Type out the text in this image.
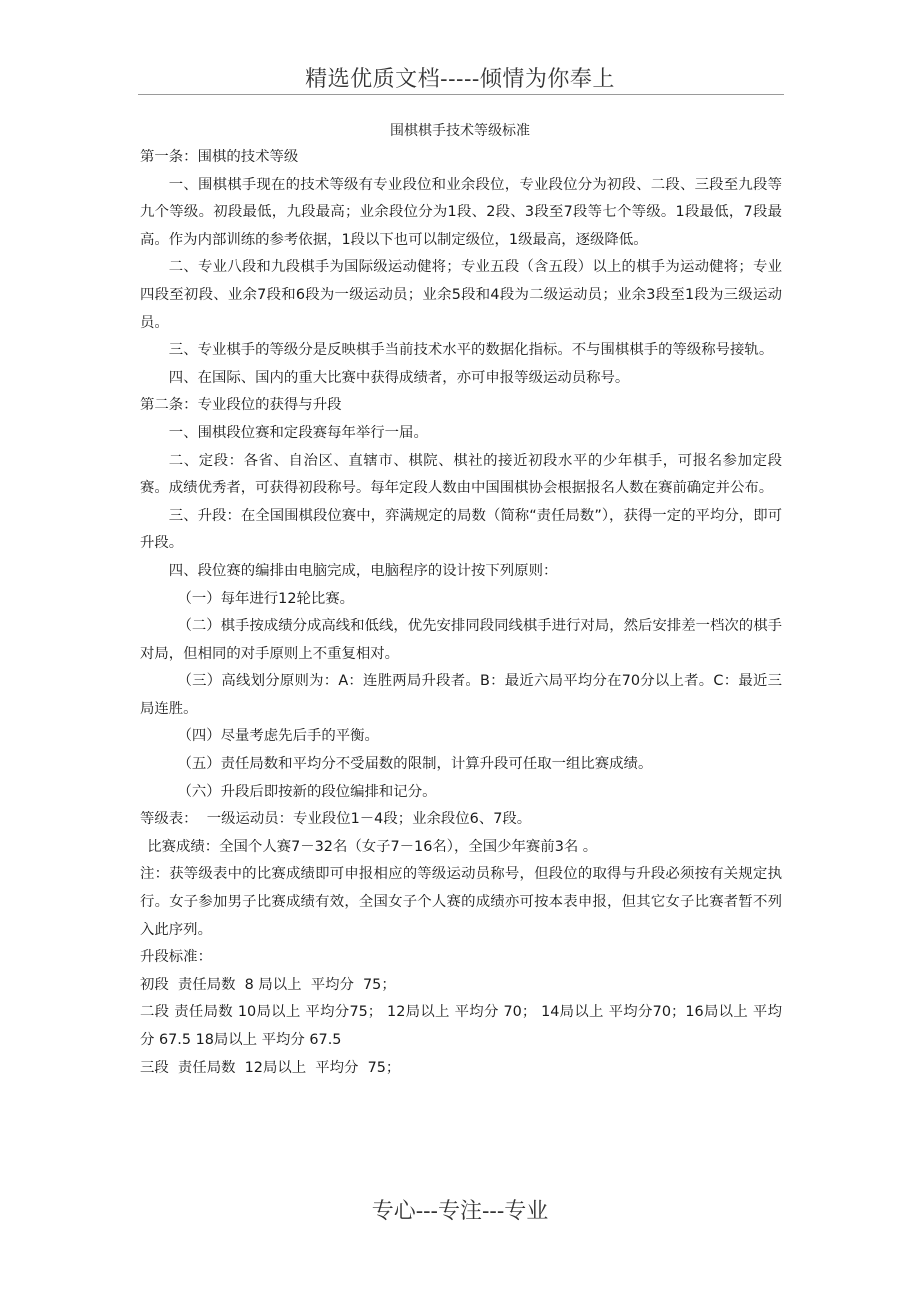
精选优质文档-----倾情为你奉上
围棋棋手技术等级标准

第一条：围棋的技术等级

一、围棋棋手现在的技术等级有专业段位和业余段位，专业段位分为初段、二段、三段至九段等九个等级。初段最低，九段最高；业余段位分为1段、2段、3段至7段等七个等级。1段最低，7段最高。作为内部训练的参考依据，1段以下也可以制定级位，1级最高，逐级降低。

二、专业八段和九段棋手为国际级运动健将；专业五段（含五段）以上的棋手为运动健将；专业四段至初段、业余7段和6段为一级运动员；业余5段和4段为二级运动员；业余3段至1段为三级运动员。

三、专业棋手的等级分是反映棋手当前技术水平的数据化指标。不与围棋棋手的等级称号接轨。

四、在国际、国内的重大比赛中获得成绩者，亦可申报等级运动员称号。

第二条：专业段位的获得与升段

一、围棋段位赛和定段赛每年举行一届。

二、定段：各省、自治区、直辖市、棋院、棋社的接近初段水平的少年棋手，可报名参加定段赛。成绩优秀者，可获得初段称号。每年定段人数由中国围棋协会根据报名人数在赛前确定并公布。

三、升段：在全国围棋段位赛中，弈满规定的局数（简称“责任局数”），获得一定的平均分，即可升段。

四、段位赛的编排由电脑完成，电脑程序的设计按下列原则：

（一）每年进行12轮比赛。

（二）棋手按成绩分成高线和低线，优先安排同段同线棋手进行对局，然后安排差一档次的棋手对局，但相同的对手原则上不重复相对。

（三）高线划分原则为：A：连胜两局升段者。B：最近六局平均分在70分以上者。C：最近三局连胜。

（四）尽量考虑先后手的平衡。

（五）责任局数和平均分不受届数的限制，计算升段可任取一组比赛成绩。

（六）升段后即按新的段位编排和记分。

等级表：  一级运动员：专业段位1－4段；业余段位6、7段。

比赛成绩：全国个人赛7－32名（女子7－16名），全国少年赛前3名 。

注：获等级表中的比赛成绩即可申报相应的等级运动员称号，但段位的取得与升段必须按有关规定执行。女子参加男子比赛成绩有效，全国女子个人赛的成绩亦可按本表申报，但其它女子比赛者暂不列入此序列。

升段标准：

初段  责任局数  8 局以上  平均分  75；

二段 责任局数 10局以上 平均分75； 12局以上 平均分 70； 14局以上 平均分70；16局以上 平均分 67.5 18局以上 平均分 67.5

三段  责任局数  12局以上  平均分  75；

专心---专注---专业
